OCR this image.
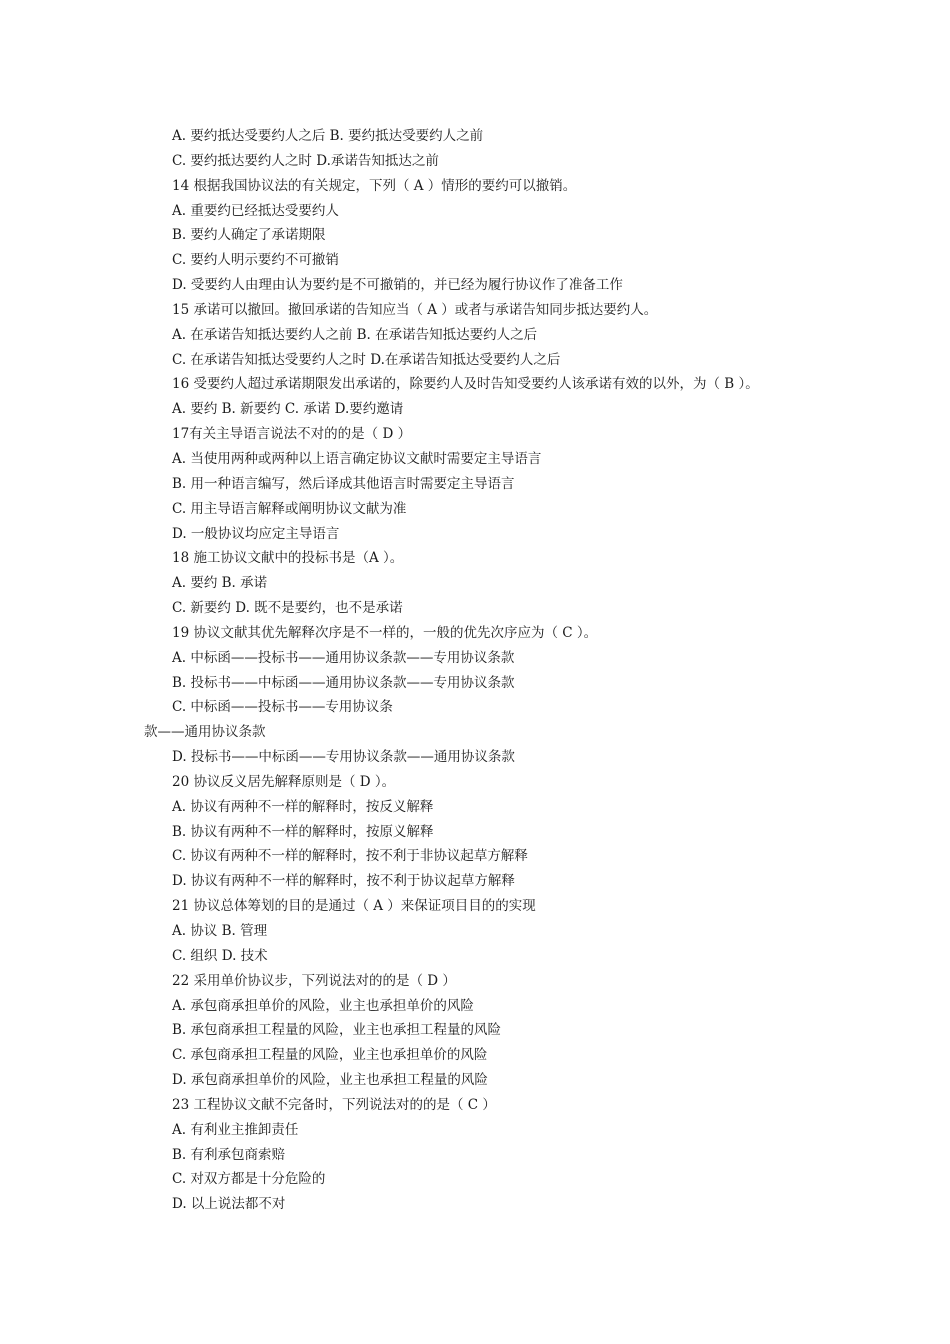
A. 要约抵达受要约人之后 B. 要约抵达受要约人之前
C. 要约抵达要约人之时 D.承诺告知抵达之前
14 根据我国协议法的有关规定，下列（ A ）情形的要约可以撤销。
A. 重要约已经抵达受要约人
B. 要约人确定了承诺期限
C. 要约人明示要约不可撤销
D. 受要约人由理由认为要约是不可撤销的，并已经为履行协议作了准备工作
15 承诺可以撤回。撤回承诺的告知应当（ A ）或者与承诺告知同步抵达要约人。
A. 在承诺告知抵达要约人之前 B. 在承诺告知抵达要约人之后
C. 在承诺告知抵达受要约人之时 D.在承诺告知抵达受要约人之后
16 受要约人超过承诺期限发出承诺的，除要约人及时告知受要约人该承诺有效的以外，为（ B ）。
A. 要约 B. 新要约 C. 承诺 D.要约邀请
17有关主导语言说法不对的的是（ D ）
A. 当使用两种或两种以上语言确定协议文献时需要定主导语言
B. 用一种语言编写，然后译成其他语言时需要定主导语言
C. 用主导语言解释或阐明协议文献为准
D. 一般协议均应定主导语言
18 施工协议文献中的投标书是（A ）。
A. 要约 B. 承诺
C. 新要约 D. 既不是要约，也不是承诺
19 协议文献其优先解释次序是不一样的，一般的优先次序应为（ C ）。
A. 中标函——投标书——通用协议条款——专用协议条款
B. 投标书——中标函——通用协议条款——专用协议条款
C. 中标函——投标书——专用协议条
款——通用协议条款
D. 投标书——中标函——专用协议条款——通用协议条款
20 协议反义居先解释原则是（ D ）。
A. 协议有两种不一样的解释时，按反义解释
B. 协议有两种不一样的解释时，按原义解释
C. 协议有两种不一样的解释时，按不利于非协议起草方解释
D. 协议有两种不一样的解释时，按不利于协议起草方解释
21 协议总体筹划的目的是通过（ A ）来保证项目目的的实现
A. 协议 B. 管理
C. 组织 D. 技术
22 采用单价协议步，下列说法对的的是（ D ）
A. 承包商承担单价的风险，业主也承担单价的风险
B. 承包商承担工程量的风险，业主也承担工程量的风险
C. 承包商承担工程量的风险，业主也承担单价的风险
D. 承包商承担单价的风险，业主也承担工程量的风险
23 工程协议文献不完备时，下列说法对的的是（ C ）
A. 有利业主推卸责任
B. 有利承包商索赔
C. 对双方都是十分危险的
D. 以上说法都不对
